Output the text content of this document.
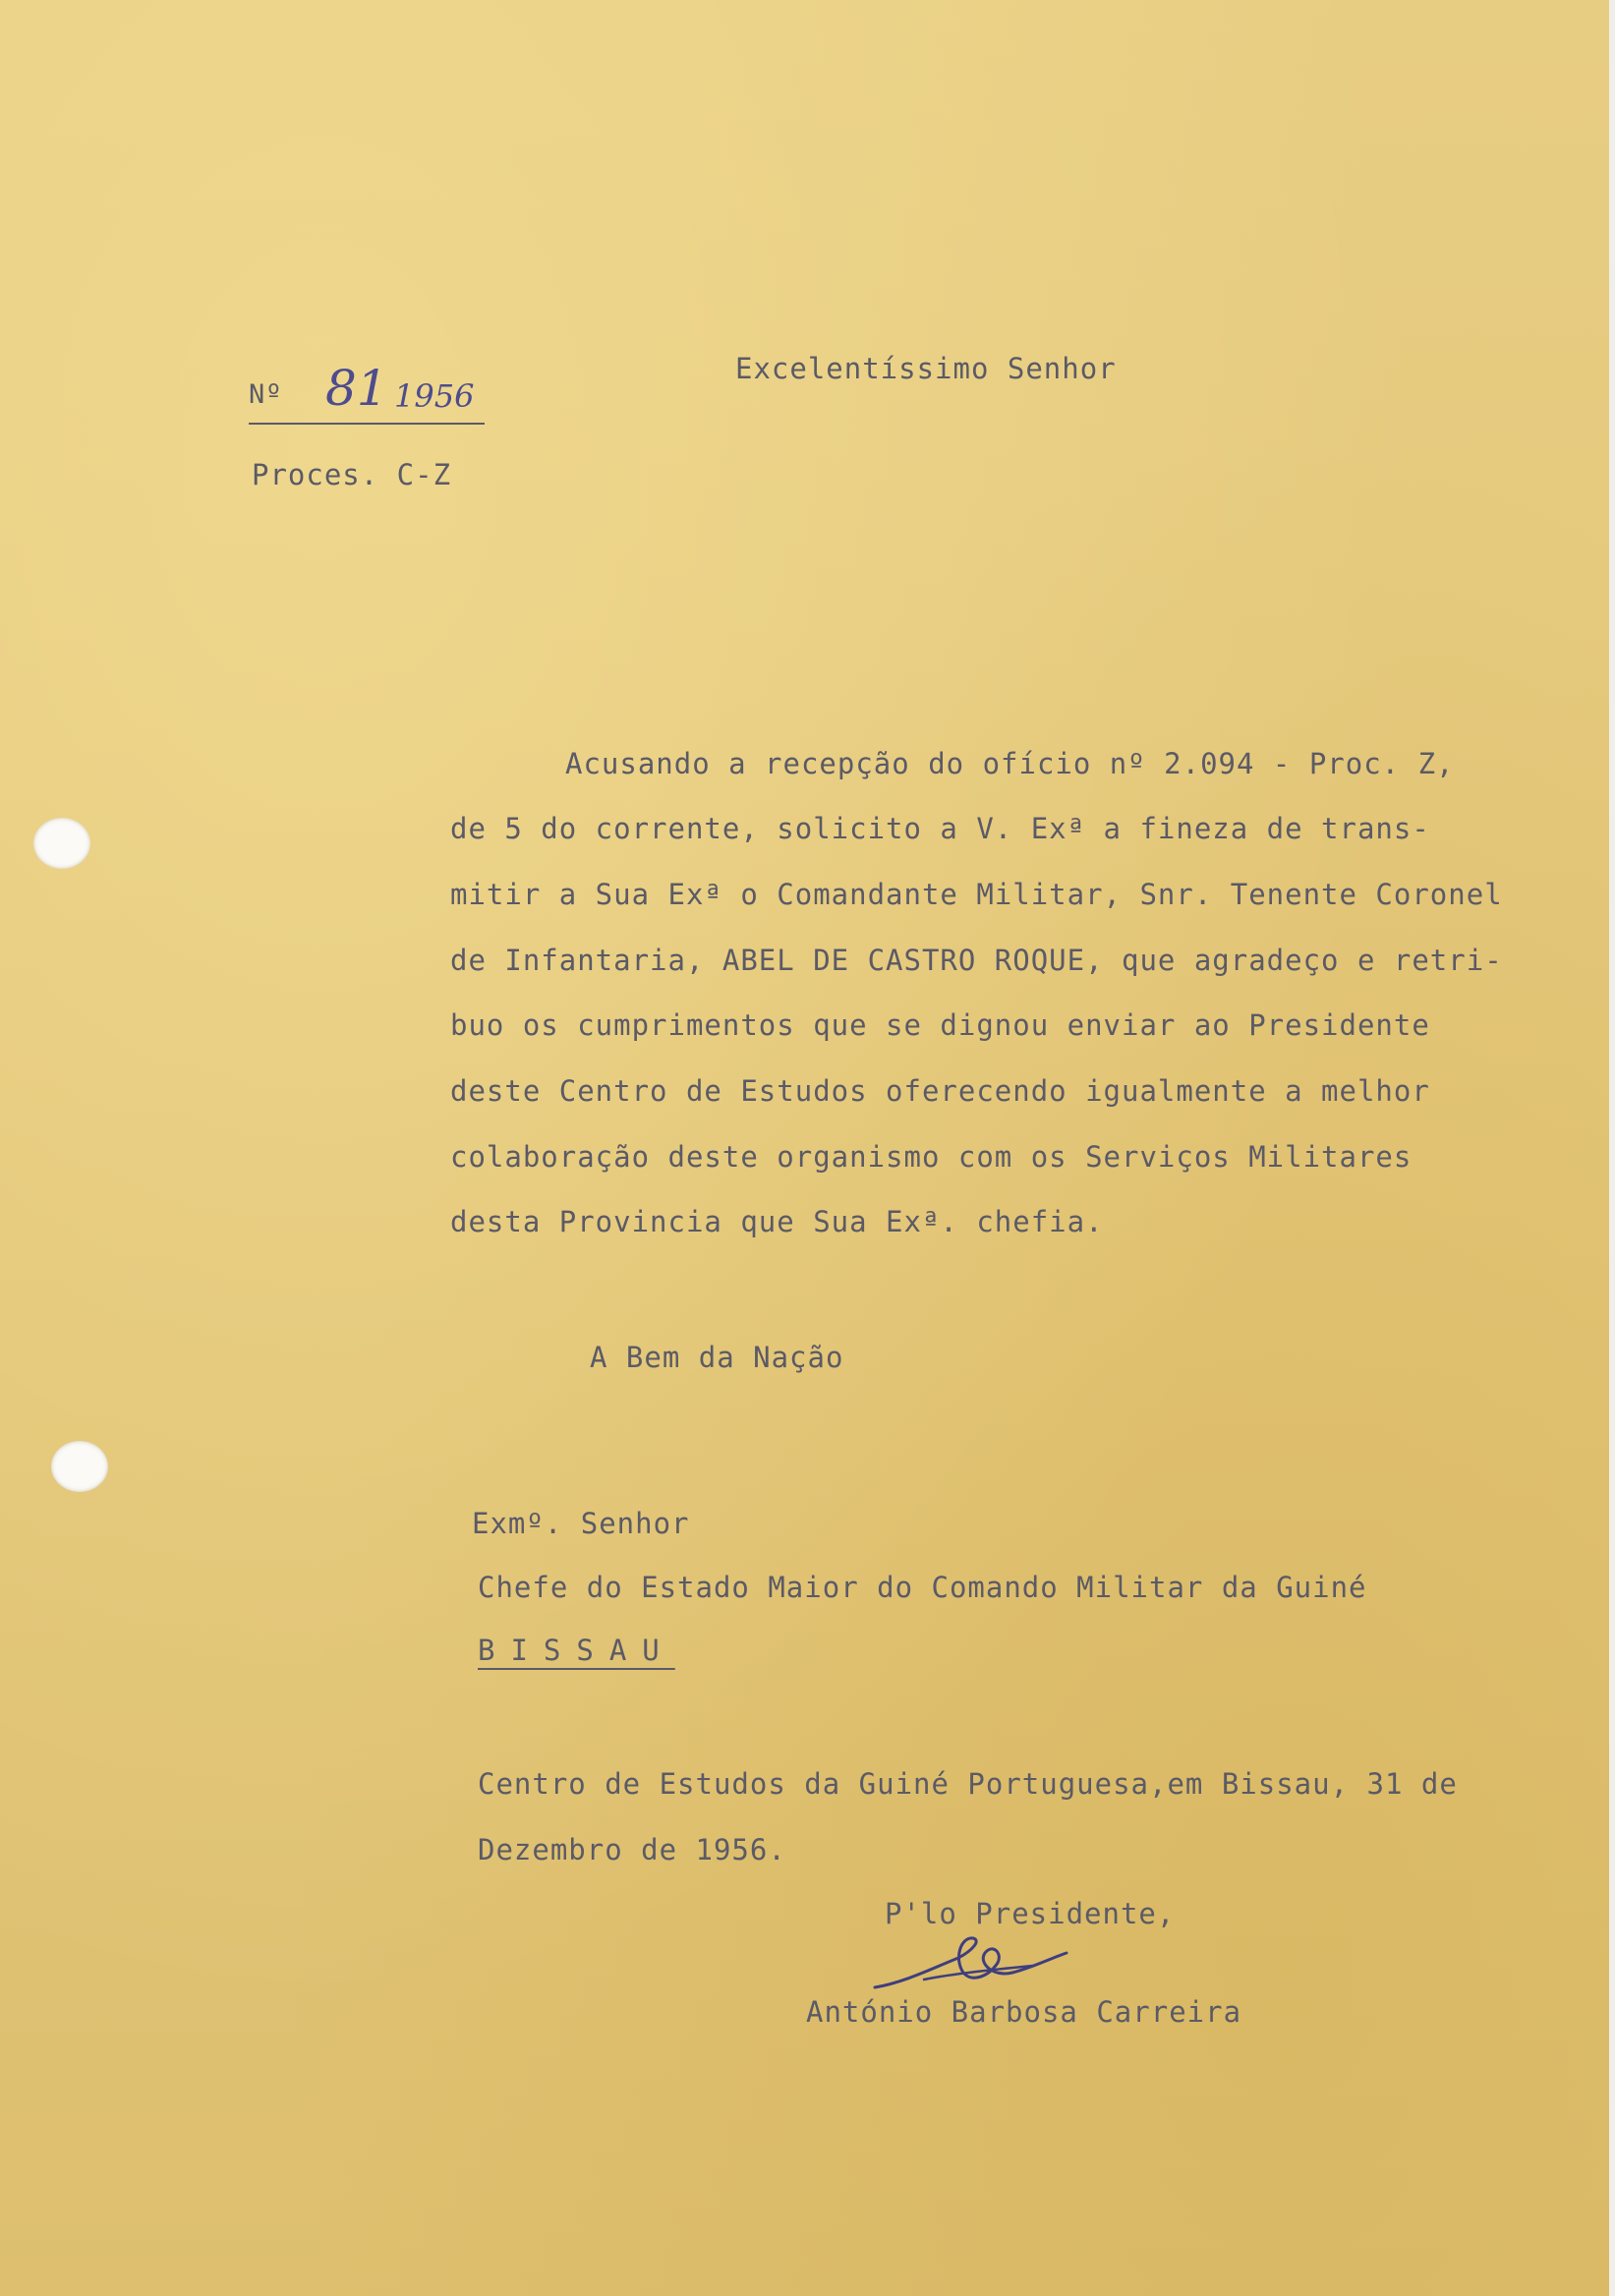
Excelentíssimo Senhor
Nº 81 1956
Proces. C-Z
Acusando a recepção do ofício nº 2.094 - Proc. Z,
de 5 do corrente, solicito a V. Exª a fineza de trans-
mitir a Sua Exª o Comandante Militar, Snr. Tenente Coronel
de Infantaria, ABEL DE CASTRO ROQUE, que agradeço e retri-
buo os cumprimentos que se dignou enviar ao Presidente
deste Centro de Estudos oferecendo igualmente a melhor
colaboração deste organismo com os Serviços Militares
desta Provincia que Sua Exª. chefia.
A Bem da Nação
Exmº. Senhor
Chefe do Estado Maior do Comando Militar da Guiné
BISSAU
Centro de Estudos da Guiné Portuguesa,em Bissau, 31 de
Dezembro de 1956.
P'lo Presidente,
António Barbosa Carreira
